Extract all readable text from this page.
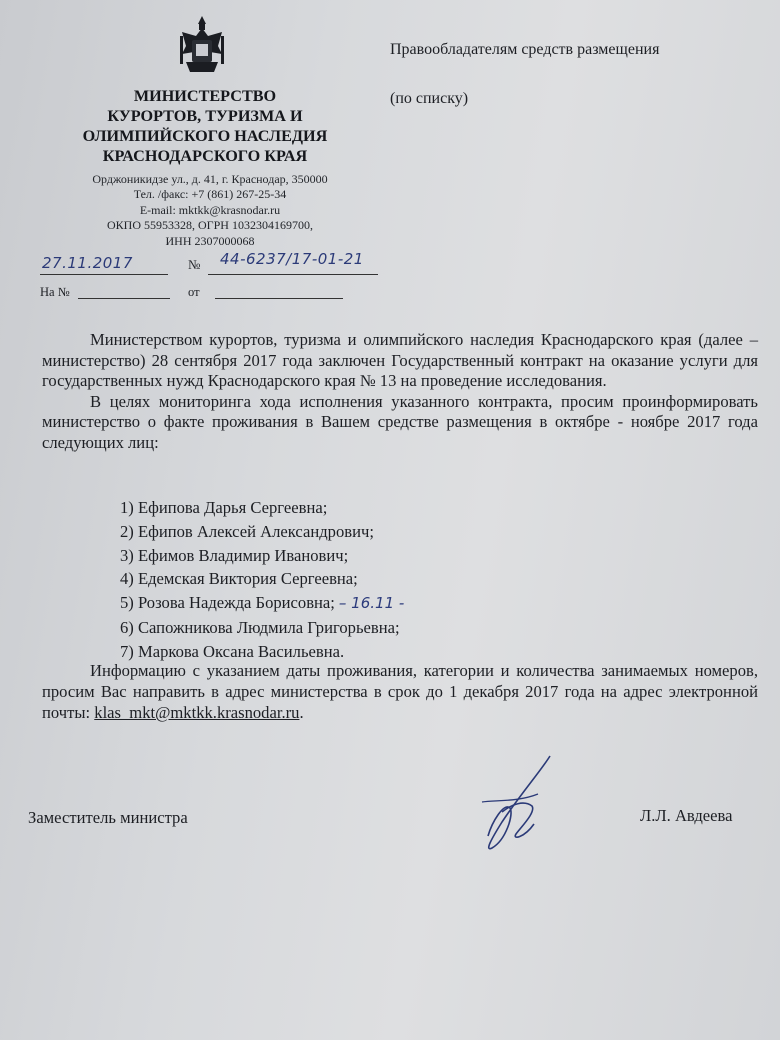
МИНИСТЕРСТВО
КУРОРТОВ, ТУРИЗМА И
ОЛИМПИЙСКОГО НАСЛЕДИЯ
КРАСНОДАРСКОГО КРАЯ
Орджоникидзе ул., д. 41, г. Краснодар, 350000
Тел. /факс: +7 (861) 267-25-34
E-mail: mktkk@krasnodar.ru
ОКПО 55953328, ОГРН 1032304169700,
ИНН 2307000068
Правообладателям средств размещения
(по списку)
27.11.2017	№ 44-6237/17-01-21
На №	от

Министерством курортов, туризма и олимпийского наследия Краснодарского края (далее – министерство) 28 сентября 2017 года заключен Государственный контракт на оказание услуги для государственных нужд Краснодарского края № 13 на проведение исследования.

В целях мониторинга хода исполнения указанного контракта, просим проинформировать министерство о факте проживания в Вашем средстве размещения в октябре - ноябре 2017 года следующих лиц:

1) Ефипова Дарья Сергеевна;
2) Ефипов Алексей Александрович;
3) Ефимов Владимир Иванович;
4) Едемская Виктория Сергеевна;
5) Розова Надежда Борисовна; – 16.11 -
6) Сапожникова Людмила Григорьевна;
7) Маркова Оксана Васильевна.

Информацию с указанием даты проживания, категории и количества занимаемых номеров, просим Вас направить в адрес министерства в срок до 1 декабря 2017 года на адрес электронной почты: klas_mkt@mktkk.krasnodar.ru.

Заместитель министра	Л.Л. Авдеева
